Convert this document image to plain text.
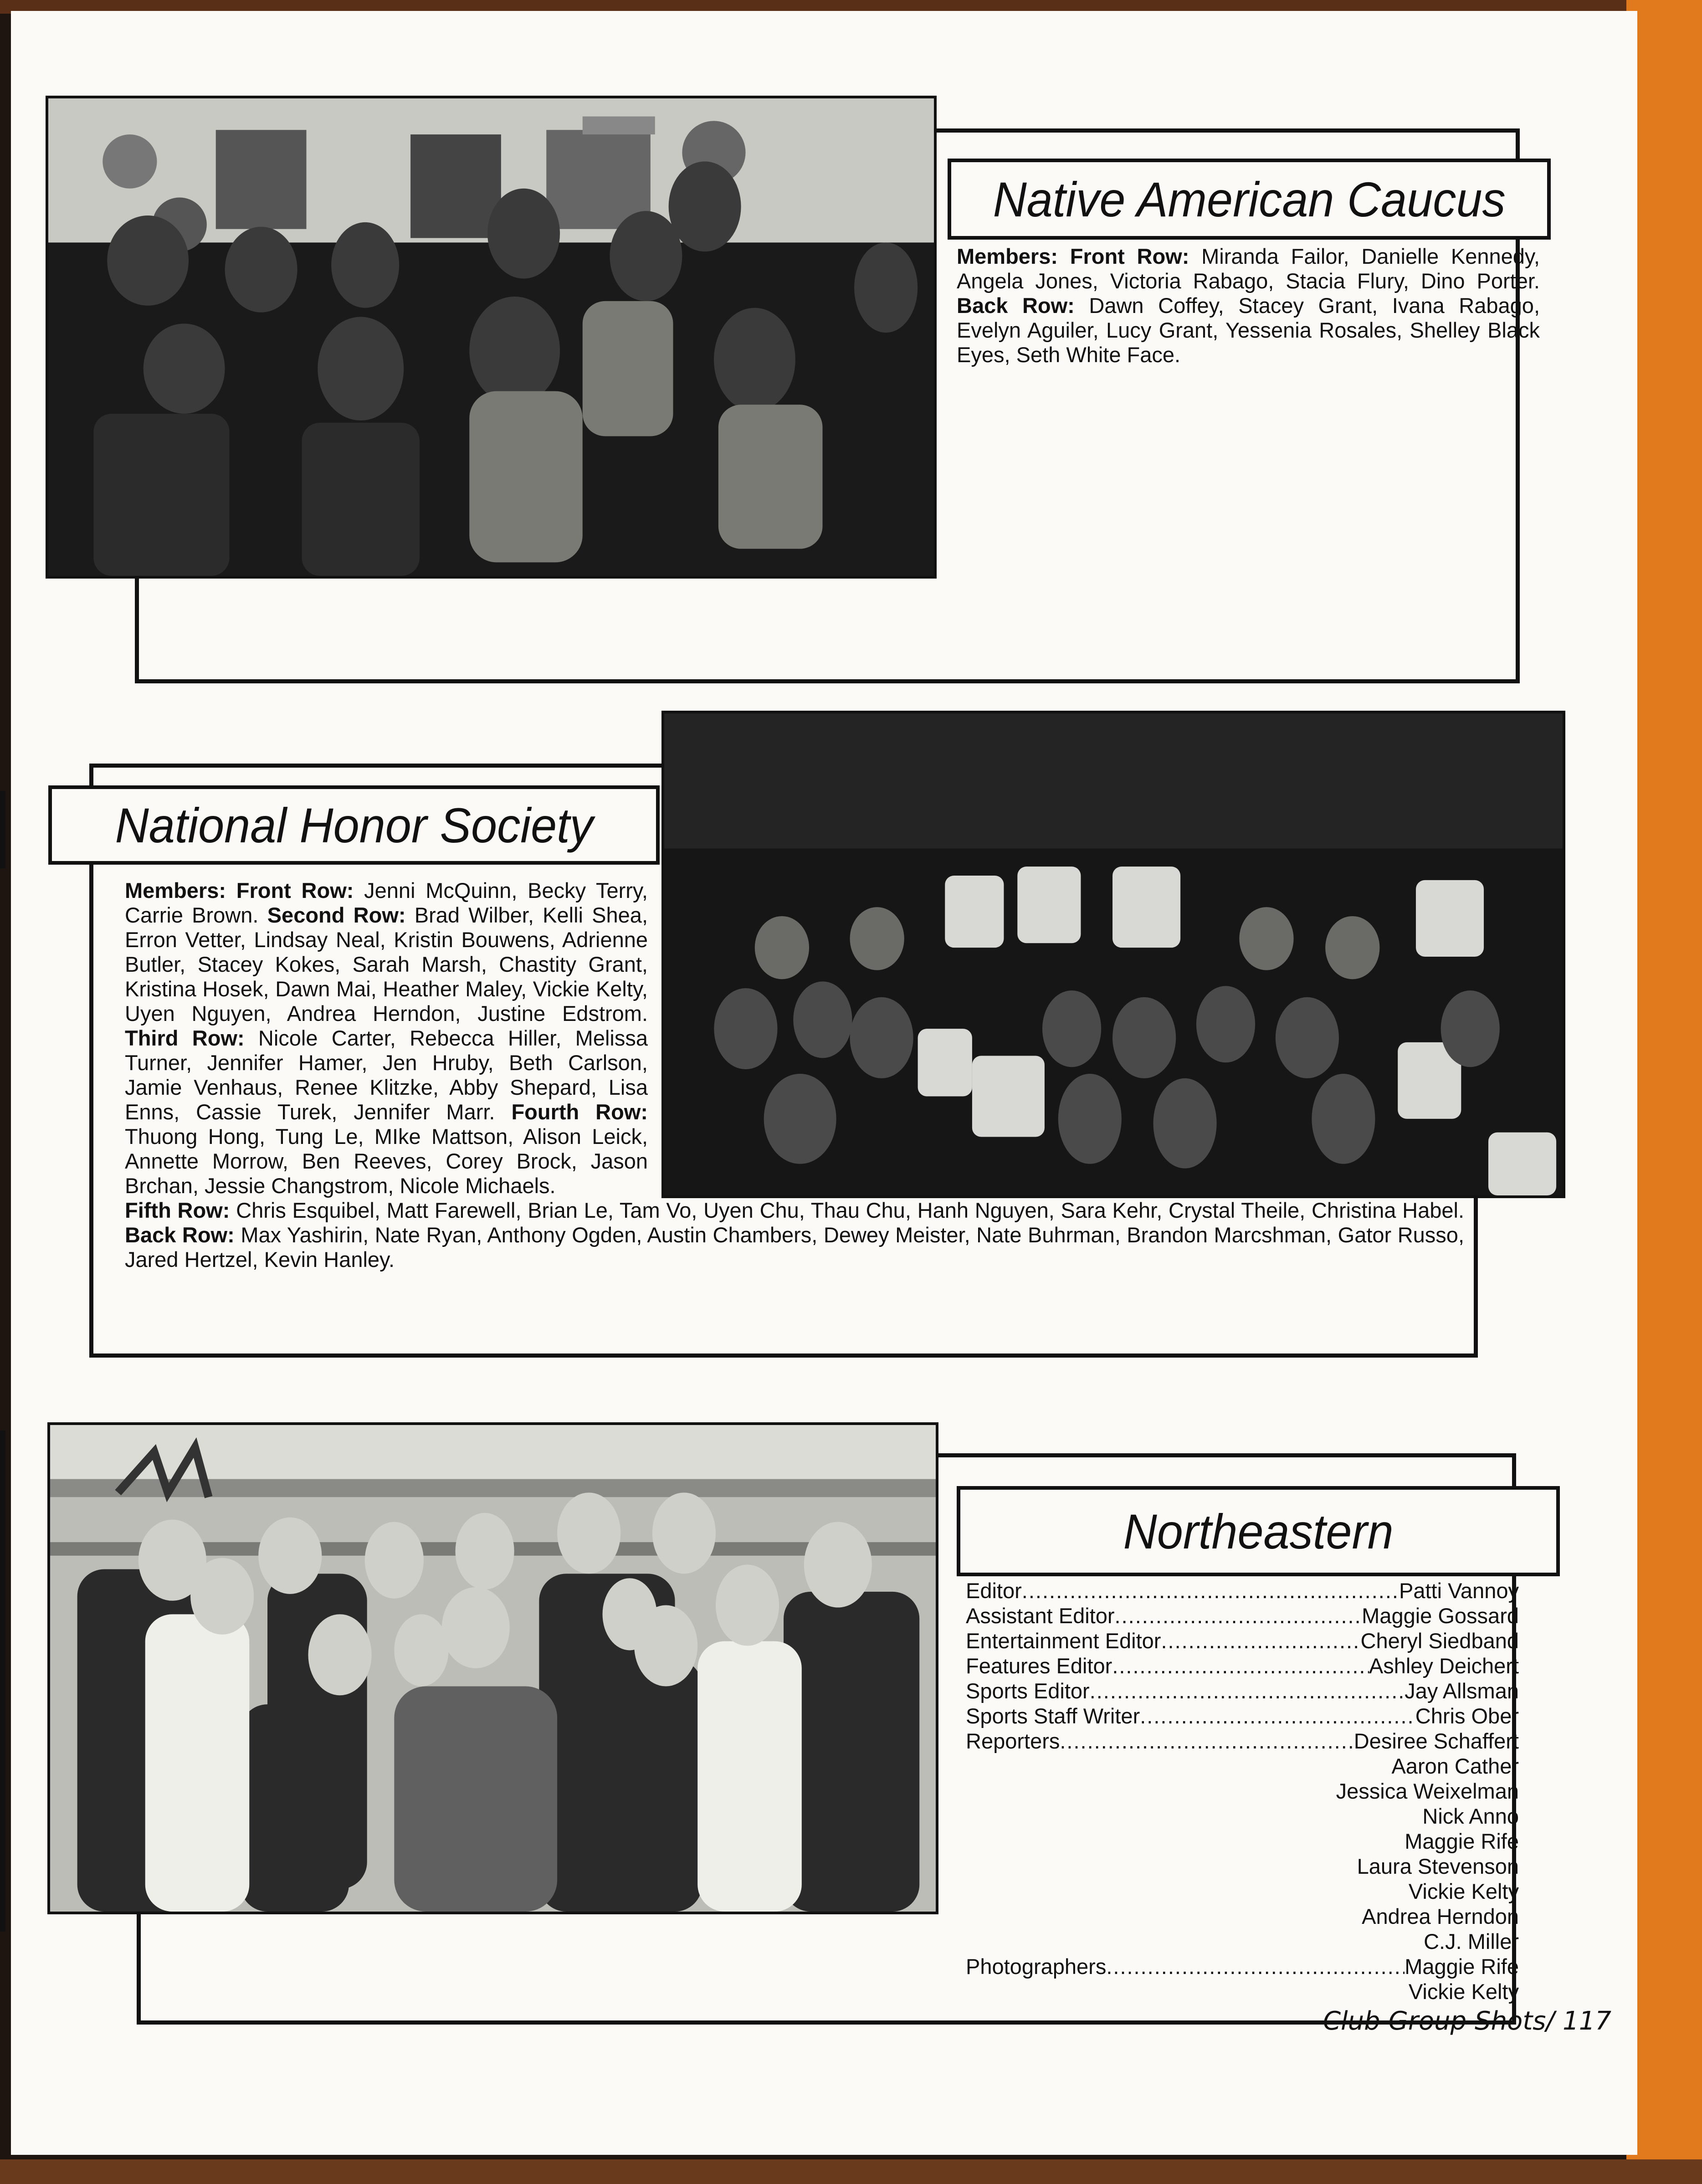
Native American Caucus
Members: Front Row: Miranda Failor, Danielle Kennedy, Angela Jones, Victoria Rabago, Stacia Flury, Dino Porter. Back Row: Dawn Coffey, Stacey Grant, Ivana Rabago, Evelyn Aguiler, Lucy Grant, Yessenia Rosales, Shelley Black Eyes, Seth White Face.
National Honor Society
Members: Front Row: Jenni McQuinn, Becky Terry, Carrie Brown. Second Row: Brad Wilber, Kelli Shea, Erron Vetter, Lindsay Neal, Kristin Bouwens, Adrienne Butler, Stacey Kokes, Sarah Marsh, Chastity Grant, Kristina Hosek, Dawn Mai, Heather Maley, Vickie Kelty, Uyen Nguyen, Andrea Herndon, Justine Edstrom. Third Row: Nicole Carter, Rebecca Hiller, Melissa Turner, Jennifer Hamer, Jen Hruby, Beth Carlson, Jamie Venhaus, Renee Klitzke, Abby Shepard, Lisa Enns, Cassie Turek, Jennifer Marr. Fourth Row: Thuong Hong, Tung Le, MIke Mattson, Alison Leick, Annette Morrow, Ben Reeves, Corey Brock, Jason Brchan, Jessie Changstrom, Nicole Michaels.
Fifth Row: Chris Esquibel, Matt Farewell, Brian Le, Tam Vo, Uyen Chu, Thau Chu, Hanh Nguyen, Sara Kehr, Crystal Theile, Christina Habel. Back Row: Max Yashirin, Nate Ryan, Anthony Ogden, Austin Chambers, Dewey Meister, Nate Buhrman, Brandon Marcshman, Gator Russo, Jared Hertzel, Kevin Hanley.
Northeastern
Editor .....	Patti Vannoy
Assistant Editor .....	Maggie Gossard
Entertainment Editor .....	Cheryl Siedband
Features Editor .....	Ashley Deichert
Sports Editor .....	Jay Allsman
Sports Staff Writer .....	Chris Ober
Reporters .....	Desiree Schaffert
Aaron Cather
Jessica Weixelman
Nick Anno
Maggie Rife
Laura Stevenson
Vickie Kelty
Andrea Herndon
C.J. Miller
Photographers .....	Maggie Rife
Vickie Kelty
Club Group Shots/ 117
